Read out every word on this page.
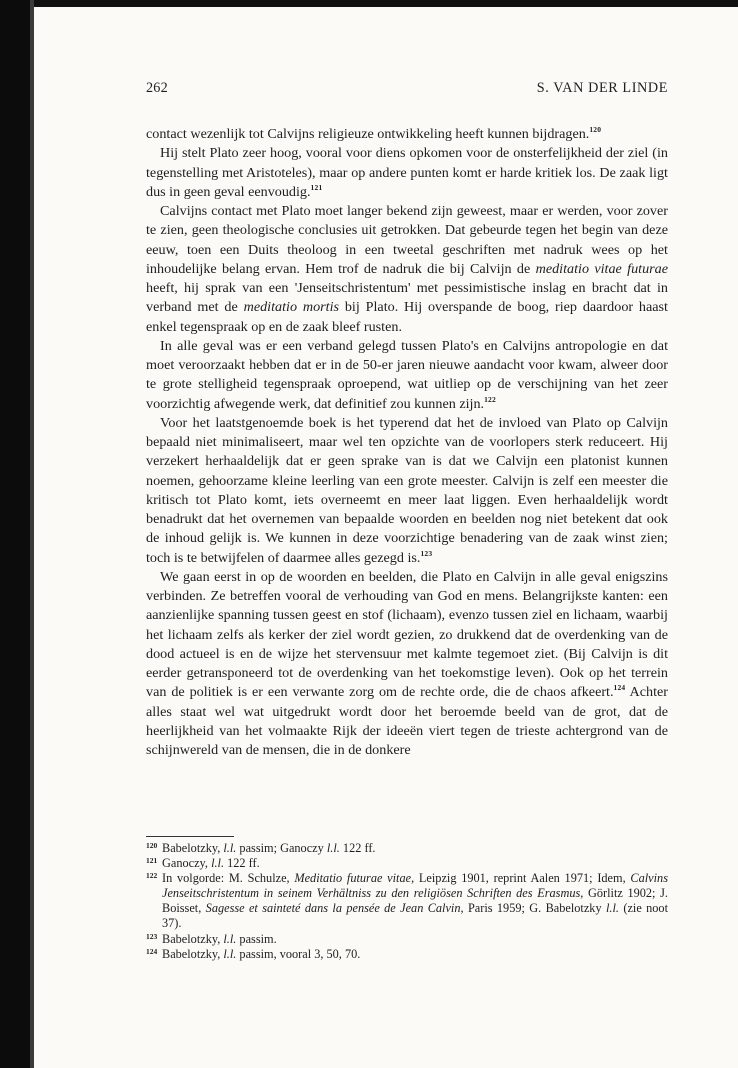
262	S. VAN DER LINDE

contact wezenlijk tot Calvijns religieuze ontwikkeling heeft kunnen bijdragen.$^{120}$

Hij stelt Plato zeer hoog, vooral voor diens opkomen voor de onsterfelijkheid der ziel (in tegenstelling met Aristoteles), maar op andere punten komt er harde kritiek los. De zaak ligt dus in geen geval eenvoudig.$^{121}$

Calvijns contact met Plato moet langer bekend zijn geweest, maar er werden, voor zover te zien, geen theologische conclusies uit getrokken. Dat gebeurde tegen het begin van deze eeuw, toen een Duits theoloog in een tweetal geschriften met nadruk wees op het inhoudelijke belang ervan. Hem trof de nadruk die bij Calvijn de meditatio vitae futurae heeft, hij sprak van een 'Jenseitschristentum' met pessimistische inslag en bracht dat in verband met de meditatio mortis bij Plato. Hij overspande de boog, riep daardoor haast enkel tegenspraak op en de zaak bleef rusten.

In alle geval was er een verband gelegd tussen Plato's en Calvijns antropologie en dat moet veroorzaakt hebben dat er in de 50-er jaren nieuwe aandacht voor kwam, alweer door te grote stelligheid tegenspraak oproepend, wat uitliep op de verschijning van het zeer voorzichtig afwegende werk, dat definitief zou kunnen zijn.$^{122}$

Voor het laatstgenoemde boek is het typerend dat het de invloed van Plato op Calvijn bepaald niet minimaliseert, maar wel ten opzichte van de voorlopers sterk reduceert. Hij verzekert herhaaldelijk dat er geen sprake van is dat we Calvijn een platonist kunnen noemen, gehoorzame kleine leerling van een grote meester. Calvijn is zelf een meester die kritisch tot Plato komt, iets overneemt en meer laat liggen. Even herhaaldelijk wordt benadrukt dat het overnemen van bepaalde woorden en beelden nog niet betekent dat ook de inhoud gelijk is. We kunnen in deze voorzichtige benadering van de zaak winst zien; toch is te betwijfelen of daarmee alles gezegd is.$^{123}$

We gaan eerst in op de woorden en beelden, die Plato en Calvijn in alle geval enigszins verbinden. Ze betreffen vooral de verhouding van God en mens. Belangrijkste kanten: een aanzienlijke spanning tussen geest en stof (lichaam), evenzo tussen ziel en lichaam, waarbij het lichaam zelfs als kerker der ziel wordt gezien, zo drukkend dat de overdenking van de dood actueel is en de wijze het stervensuur met kalmte tegemoet ziet. (Bij Calvijn is dit eerder getransponeerd tot de overdenking van het toekomstige leven). Ook op het terrein van de politiek is er een verwante zorg om de rechte orde, die de chaos afkeert.$^{124}$ Achter alles staat wel wat uitgedrukt wordt door het beroemde beeld van de grot, dat de heerlijkheid van het volmaakte Rijk der ideeën viert tegen de trieste achtergrond van de schijnwereld van de mensen, die in de donkere

120 Babelotzky, l.l. passim; Ganoczy l.l. 122 ff.
121 Ganoczy, l.l. 122 ff.
122 In volgorde: M. Schulze, Meditatio futurae vitae, Leipzig 1901, reprint Aalen 1971; Idem, Calvins Jenseitschristentum in seinem Verhältniss zu den religiösen Schriften des Erasmus, Görlitz 1902; J. Boisset, Sagesse et sainteté dans la pensée de Jean Calvin, Paris 1959; G. Babelotzky l.l. (zie noot 37).
123 Babelotzky, l.l. passim.
124 Babelotzky, l.l. passim, vooral 3, 50, 70.
